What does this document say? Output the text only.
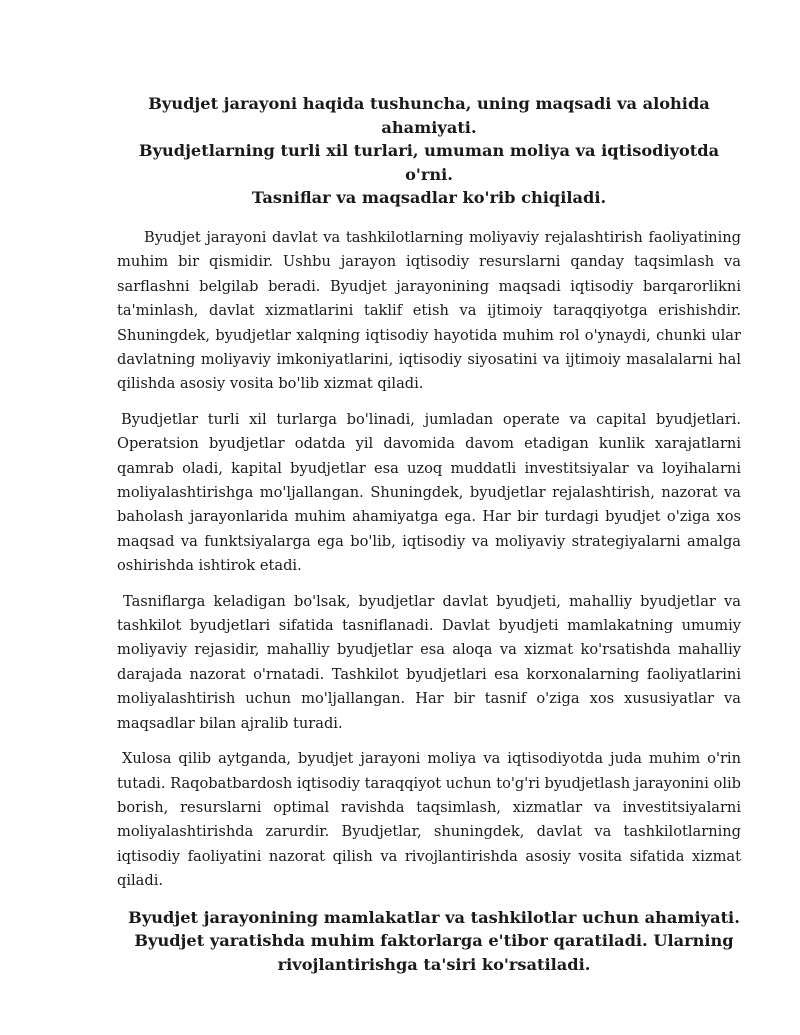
Byudjet jarayoni haqida tushuncha, uning maqsadi va alohida ahamiyati.
Byudjetlarning turli xil turlari, umuman moliya va iqtisodiyotda o'rni.
Tasniflar va maqsadlar ko'rib chiqiladi.

Byudjet jarayoni davlat va tashkilotlarning moliyaviy rejalashtirish faoliyatining muhim bir qismidir. Ushbu jarayon iqtisodiy resurslarni qanday taqsimlash va sarflashni belgilab beradi. Byudjet jarayonining maqsadi iqtisodiy barqarorlikni ta'minlash, davlat xizmatlarini taklif etish va ijtimoiy taraqqiyotga erishishdir. Shuningdek, byudjetlar xalqning iqtisodiy hayotida muhim rol o'ynaydi, chunki ular davlatning moliyaviy imkoniyatlarini, iqtisodiy siyosatini va ijtimoiy masalalarni hal qilishda asosiy vosita bo'lib xizmat qiladi.

Byudjetlar turli xil turlarga bo'linadi, jumladan operate va capital byudjetlari. Operatsion byudjetlar odatda yil davomida davom etadigan kunlik xarajatlarni qamrab oladi, kapital byudjetlar esa uzoq muddatli investitsiyalar va loyihalarni moliyalashtirishga mo'ljallangan. Shuningdek, byudjetlar rejalashtirish, nazorat va baholash jarayonlarida muhim ahamiyatga ega. Har bir turdagi byudjet o'ziga xos maqsad va funktsiyalarga ega bo'lib, iqtisodiy va moliyaviy strategiyalarni amalga oshirishda ishtirok etadi.

Tasniflarga keladigan bo'lsak, byudjetlar davlat byudjeti, mahalliy byudjetlar va tashkilot byudjetlari sifatida tasniflanadi. Davlat byudjeti mamlakatning umumiy moliyaviy rejasidir, mahalliy byudjetlar esa aloqa va xizmat ko'rsatishda mahalliy darajada nazorat o'rnatadi. Tashkilot byudjetlari esa korxonalarning faoliyatlarini moliyalashtirish uchun mo'ljallangan. Har bir tasnif o'ziga xos xususiyatlar va maqsadlar bilan ajralib turadi.

Xulosa qilib aytganda, byudjet jarayoni moliya va iqtisodiyotda juda muhim o'rin tutadi. Raqobatbardosh iqtisodiy taraqqiyot uchun to'g'ri byudjetlash jarayonini olib borish, resurslarni optimal ravishda taqsimlash, xizmatlar va investitsiyalarni moliyalashtirishda zarurdir. Byudjetlar, shuningdek, davlat va tashkilotlarning iqtisodiy faoliyatini nazorat qilish va rivojlantirishda asosiy vosita sifatida xizmat qiladi.

Byudjet jarayonining mamlakatlar va tashkilotlar uchun ahamiyati.
Byudjet yaratishda muhim faktorlarga e'tibor qaratiladi. Ularning
rivojlantirishga ta'siri ko'rsatiladi.
